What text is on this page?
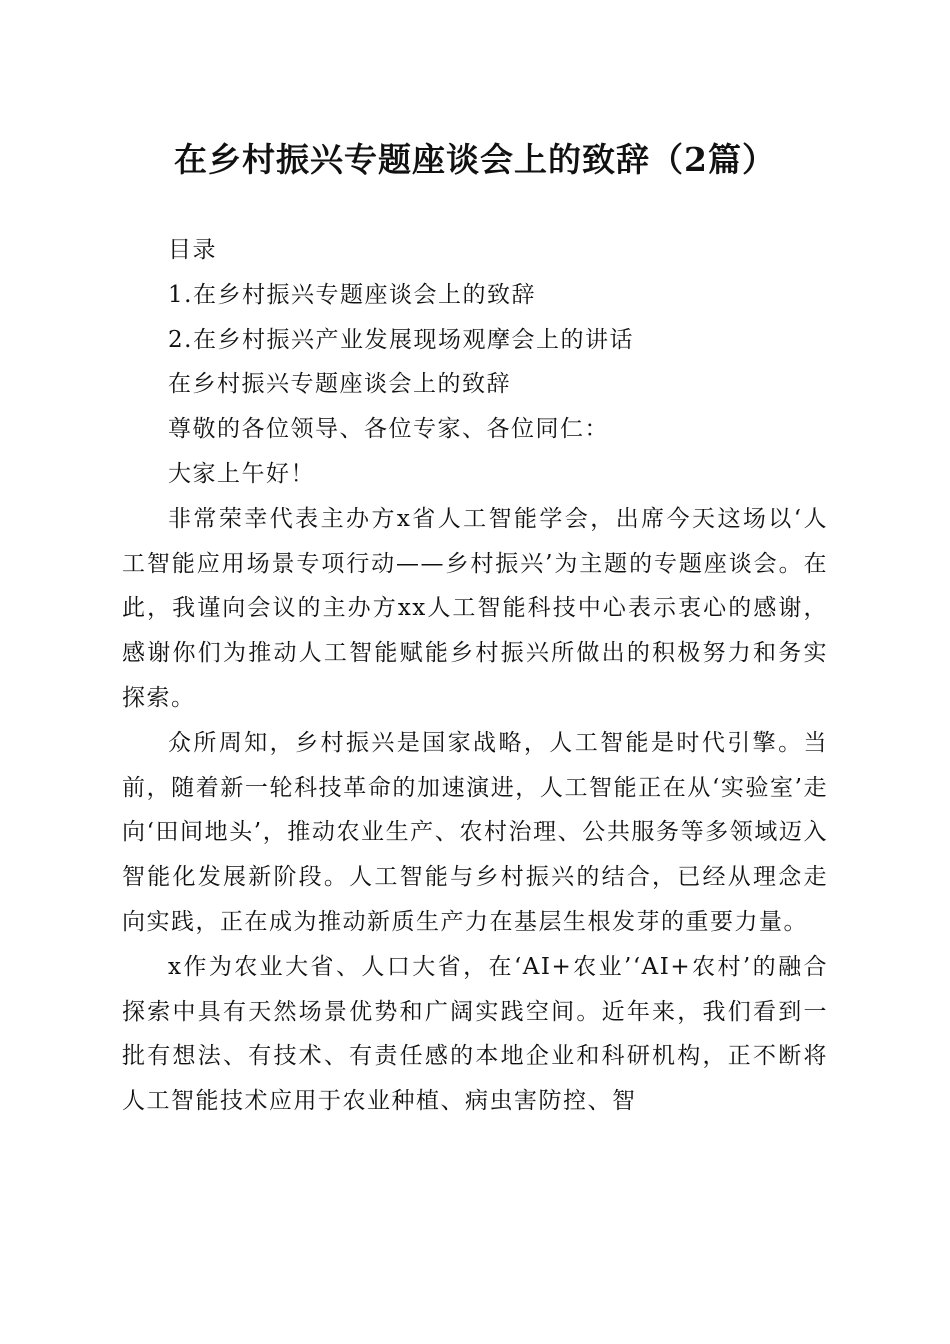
在乡村振兴专题座谈会上的致辞（2篇）

目录

1.在乡村振兴专题座谈会上的致辞

2.在乡村振兴产业发展现场观摩会上的讲话

在乡村振兴专题座谈会上的致辞

尊敬的各位领导、各位专家、各位同仁：

大家上午好！

非常荣幸代表主办方x省人工智能学会，出席今天这场以‘人工智能应用场景专项行动——乡村振兴’为主题的专题座谈会。在此，我谨向会议的主办方xx人工智能科技中心表示衷心的感谢，感谢你们为推动人工智能赋能乡村振兴所做出的积极努力和务实探索。

众所周知，乡村振兴是国家战略，人工智能是时代引擎。当前，随着新一轮科技革命的加速演进，人工智能正在从‘实验室’走向‘田间地头’，推动农业生产、农村治理、公共服务等多领域迈入智能化发展新阶段。人工智能与乡村振兴的结合，已经从理念走向实践，正在成为推动新质生产力在基层生根发芽的重要力量。

x作为农业大省、人口大省，在‘AI+农业’‘AI+农村’的融合探索中具有天然场景优势和广阔实践空间。近年来，我们看到一批有想法、有技术、有责任感的本地企业和科研机构，正不断将人工智能技术应用于农业种植、病虫害防控、智
